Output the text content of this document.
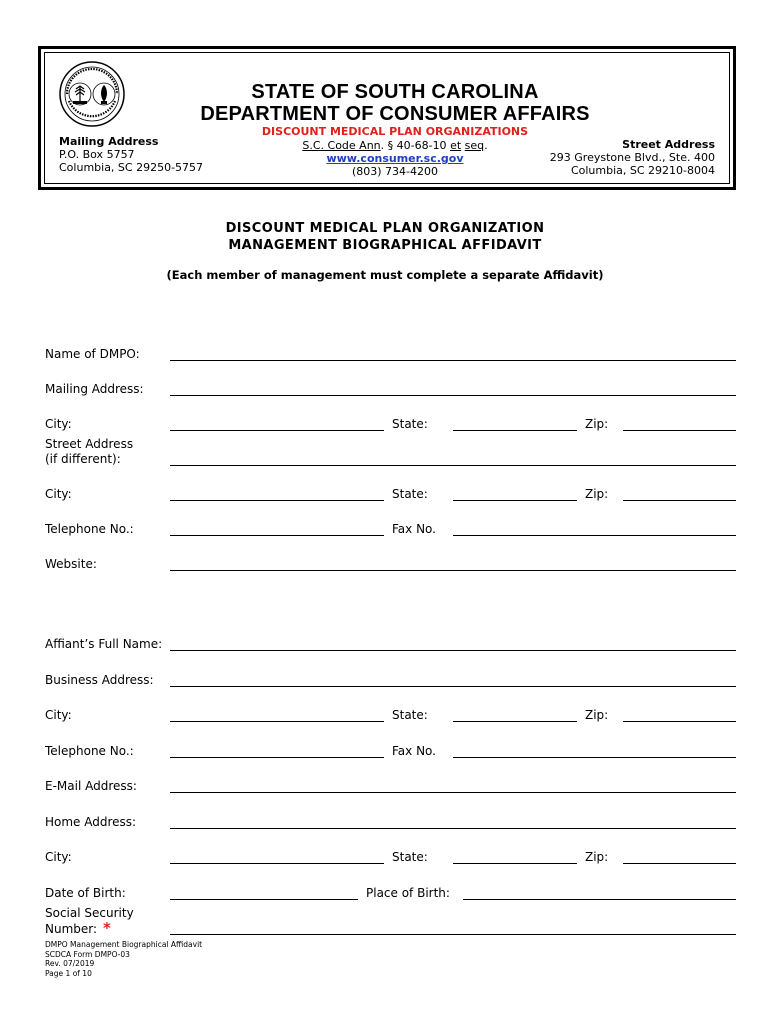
STATE OF SOUTH CAROLINA
DEPARTMENT OF CONSUMER AFFAIRS
DISCOUNT MEDICAL PLAN ORGANIZATIONS
S.C. Code Ann. § 40-68-10 et seq.
www.consumer.sc.gov
(803) 734-4200
Mailing Address
P.O. Box 5757
Columbia, SC 29250-5757
Street Address
293 Greystone Blvd., Ste. 400
Columbia, SC 29210-8004
DISCOUNT MEDICAL PLAN ORGANIZATION
MANAGEMENT BIOGRAPHICAL AFFIDAVIT
(Each member of management must complete a separate Affidavit)
Name of DMPO:
Mailing Address:
City:	State:	Zip:
Street Address
(if different):
City:	State:	Zip:
Telephone No.:	Fax No.
Website:
Affiant’s Full Name:
Business Address:
City:	State:	Zip:
Telephone No.:	Fax No.
E-Mail Address:
Home Address:
City:	State:	Zip:
Date of Birth:	Place of Birth:
Social Security
Number: *
DMPO Management Biographical Affidavit
SCDCA Form DMPO-03
Rev. 07/2019
Page 1 of 10
